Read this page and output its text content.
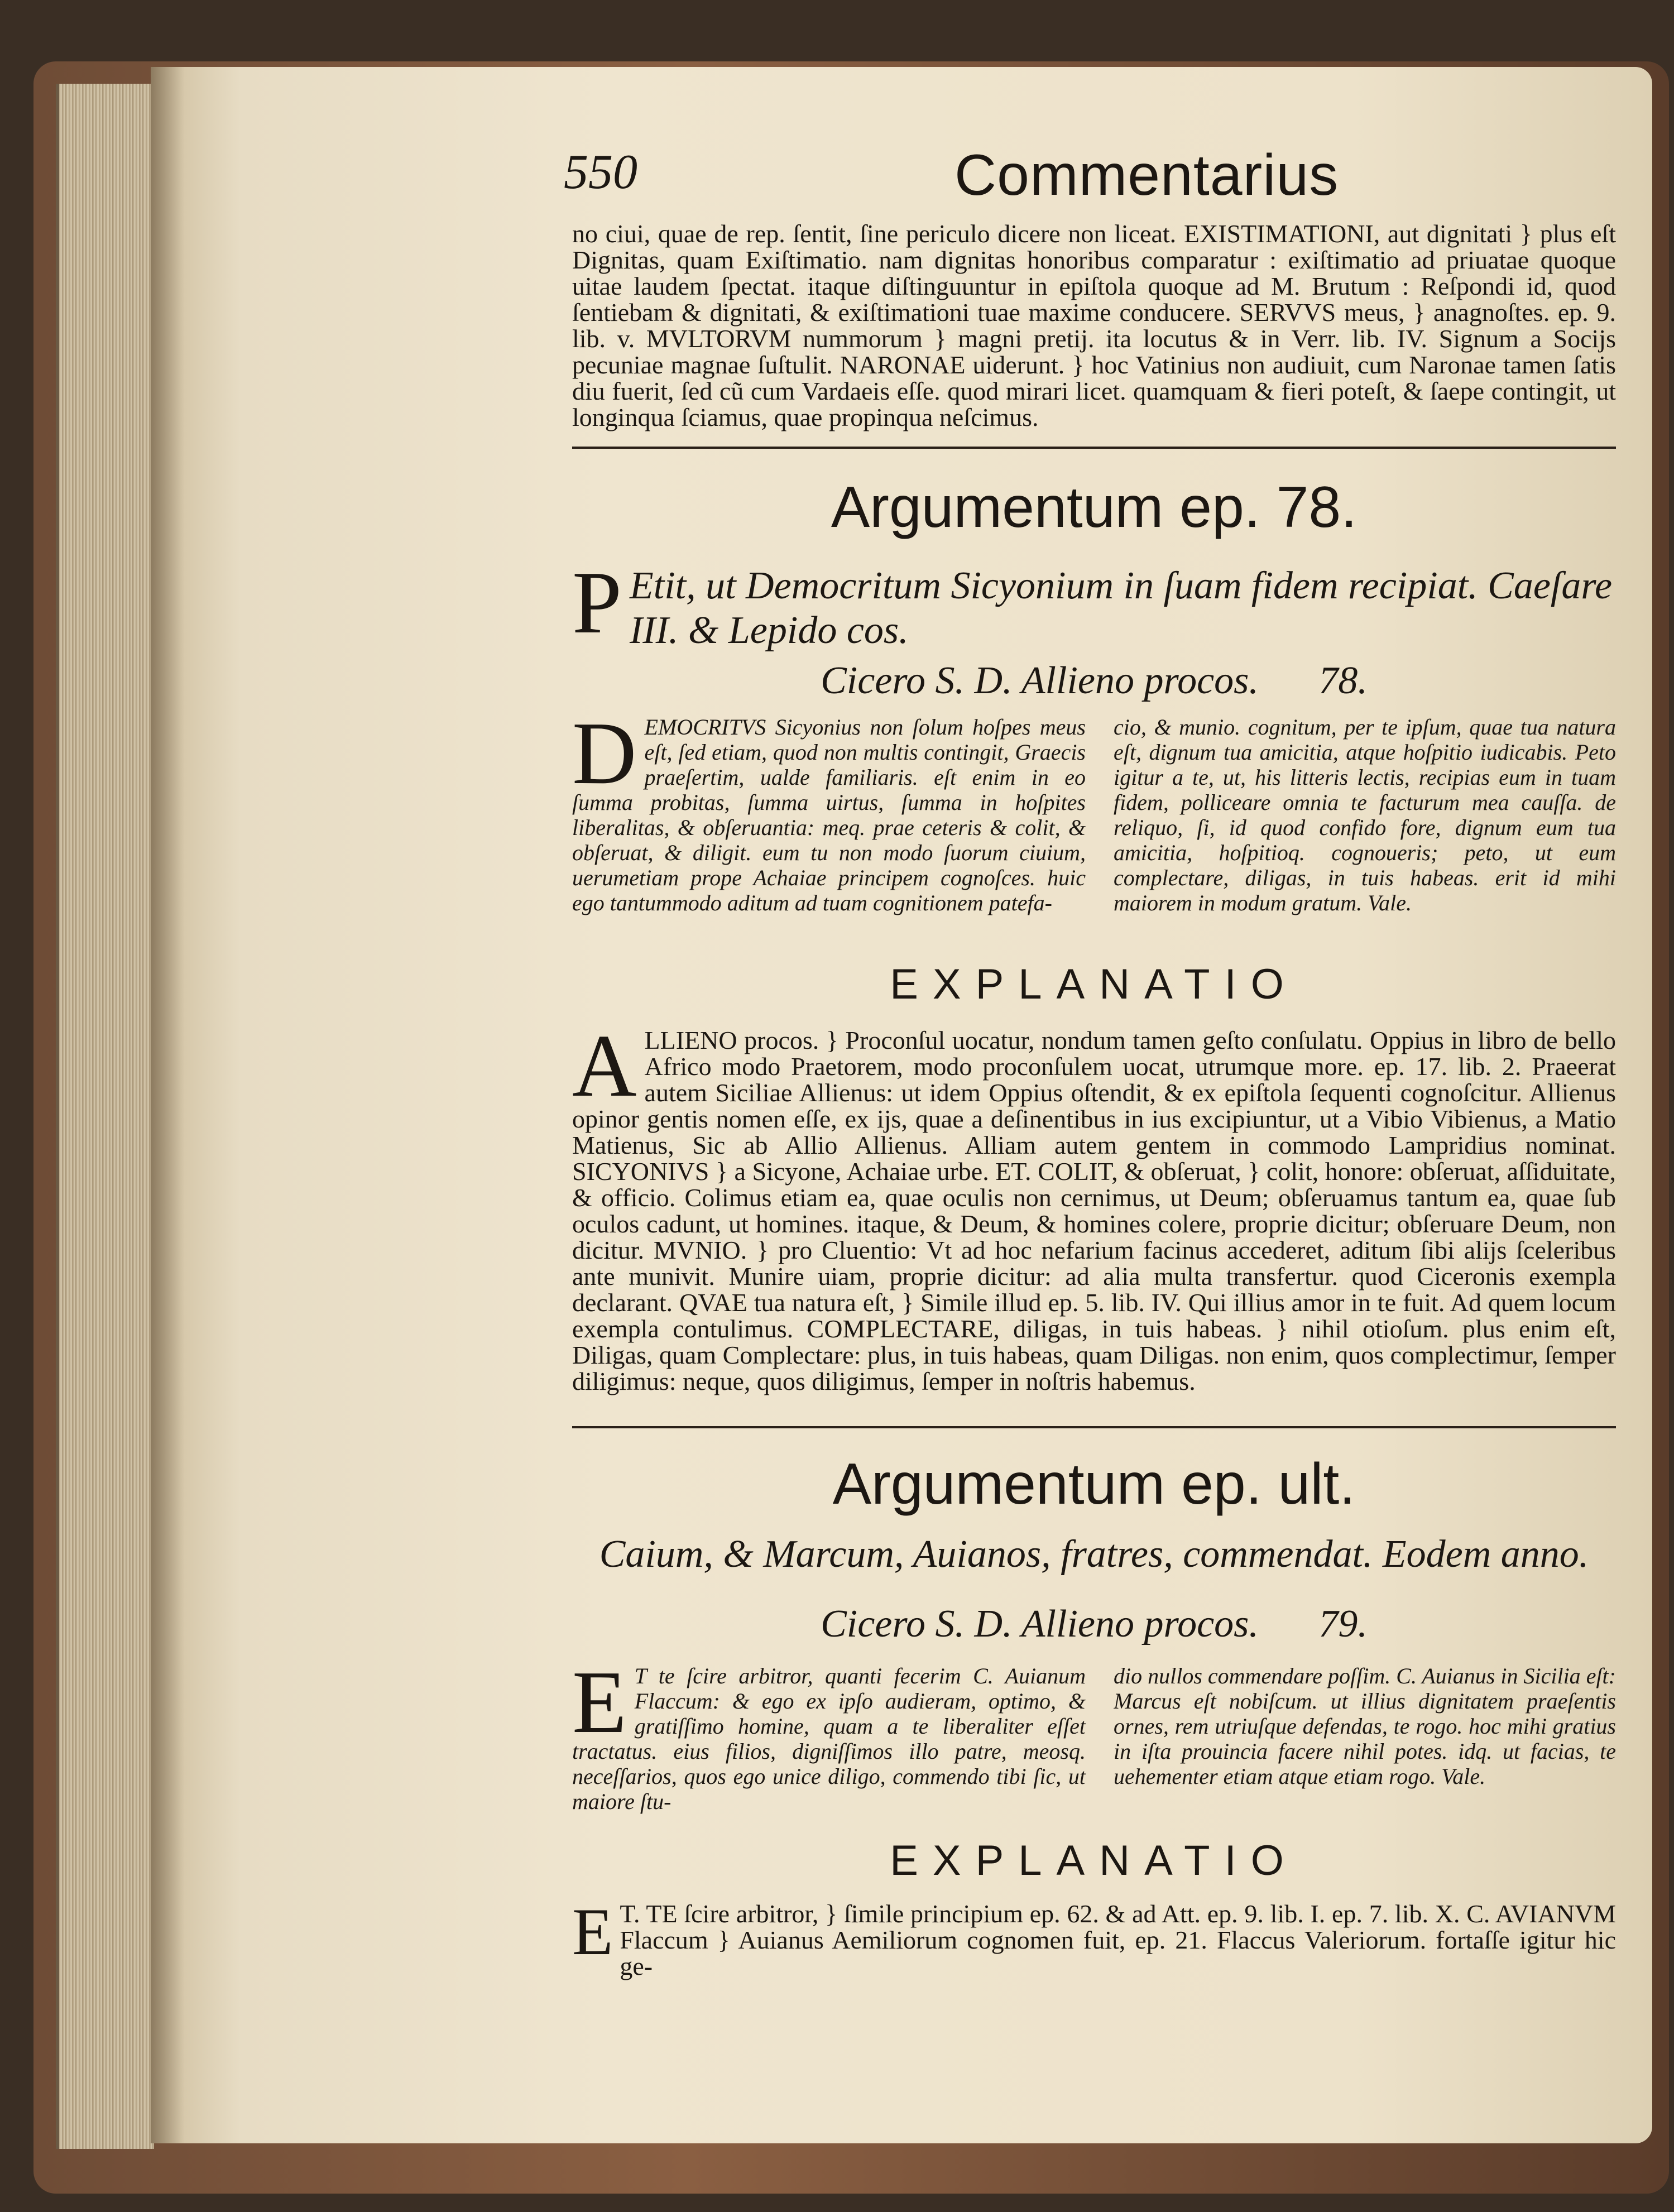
550	Commentarius
no ciui, quae de rep. ſentit, ſine periculo dicere non liceat. EXISTIMATIONI, aut dignitati } plus eſt Dignitas, quam Exiſtimatio. nam dignitas honoribus comparatur : exiſtimatio ad priuatae quoque uitae laudem ſpectat. itaque diſtinguuntur in epiſtola quoque ad M. Brutum : Reſpondi id, quod ſentiebam & dignitati, & exiſtimationi tuae maxime conducere. SERVVS meus, } anagnoſtes. ep. 9. lib. v. MVLTORVM nummorum } magni pretij. ita locutus & in Verr. lib. IV. Signum a Socijs pecuniae magnae ſuſtulit. NARONAE uiderunt. } hoc Vatinius non audiuit, cum Naronae tamen ſatis diu fuerit, ſed cũ cum Vardaeis eſſe. quod mirari licet. quamquam & fieri poteſt, & ſaepe contingit, ut longinqua ſciamus, quae propinqua neſcimus.
Argumentum ep. 78.
P Etit, ut Democritum Sicyonium in ſuam fidem recipiat. Caeſare III. & Lepido cos.
Cicero S. D. Allieno procos. 78.
D EMOCRITVS Sicyonius non ſolum hoſpes meus eſt, ſed etiam, quod non multis contingit, Graecis praeſertim, ualde familiaris. eſt enim in eo ſumma probitas, ſumma uirtus, ſumma in hoſpites liberalitas, & obſeruantia: meq. prae ceteris & colit, & obſeruat, & diligit. eum tu non modo ſuorum ciuium, uerumetiam prope Achaiae principem cognoſces. huic ego tantummodo aditum ad tuam cognitionem patefa-
cio, & munio. cognitum, per te ipſum, quae tua natura eſt, dignum tua amicitia, atque hoſpitio iudicabis. Peto igitur a te, ut, his litteris lectis, recipias eum in tuam fidem, polliceare omnia te facturum mea cauſſa. de reliquo, ſi, id quod confido fore, dignum eum tua amicitia, hoſpitioq. cognoueris; peto, ut eum complectare, diligas, in tuis habeas. erit id mihi maiorem in modum gratum. Vale.
EXPLANATIO
A LLIENO procos. } Proconſul uocatur, nondum tamen geſto conſulatu. Oppius in libro de bello Africo modo Praetorem, modo proconſulem uocat, utrumque more. ep. 17. lib. 2. Praeerat autem Siciliae Allienus: ut idem Oppius oſtendit, & ex epiſtola ſequenti cognoſcitur. Allienus opinor gentis nomen eſſe, ex ijs, quae a deſinentibus in ius excipiuntur, ut a Vibio Vibienus, a Matio Matienus, Sic ab Allio Allienus. Alliam autem gentem in commodo Lampridius nominat. SICYONIVS } a Sicyone, Achaiae urbe. ET. COLIT, & obſeruat, } colit, honore: obſeruat, aſſiduitate, & officio. Colimus etiam ea, quae oculis non cernimus, ut Deum; obſeruamus tantum ea, quae ſub oculos cadunt, ut homines. itaque, & Deum, & homines colere, proprie dicitur; obſeruare Deum, non dicitur. MVNIO. } pro Cluentio: Vt ad hoc nefarium facinus accederet, aditum ſibi alijs ſceleribus ante munivit. Munire uiam, proprie dicitur: ad alia multa transfertur. quod Ciceronis exempla declarant. QVAE tua natura eſt, } Simile illud ep. 5. lib. IV. Qui illius amor in te fuit. Ad quem locum exempla contulimus. COMPLECTARE, diligas, in tuis habeas. } nihil otioſum. plus enim eſt, Diligas, quam Complectare: plus, in tuis habeas, quam Diligas. non enim, quos complectimur, ſemper diligimus: neque, quos diligimus, ſemper in noſtris habemus.
Argumentum ep. ult.
Caium, & Marcum, Auianos, fratres, commendat. Eodem anno.
Cicero S. D. Allieno procos. 79.
E T te ſcire arbitror, quanti fecerim C. Auianum Flaccum: & ego ex ipſo audieram, optimo, & gratiſſimo homine, quam a te liberaliter eſſet tractatus. eius filios, digniſſimos illo patre, meosq. neceſſarios, quos ego unice diligo, commendo tibi ſic, ut maiore ſtu-
dio nullos commendare poſſim. C. Auianus in Sicilia eſt: Marcus eſt nobiſcum. ut illius dignitatem praeſentis ornes, rem utriuſque defendas, te rogo. hoc mihi gratius in iſta prouincia facere nihil potes. idq. ut facias, te uehementer etiam atque etiam rogo. Vale.
EXPLANATIO
E T. TE ſcire arbitror, } ſimile principium ep. 62. & ad Att. ep. 9. lib. I. ep. 7. lib. X. C. AVIANVM Flaccum } Auianus Aemiliorum cognomen fuit, ep. 21. Flaccus Valeriorum. fortaſſe igitur hic ge-
